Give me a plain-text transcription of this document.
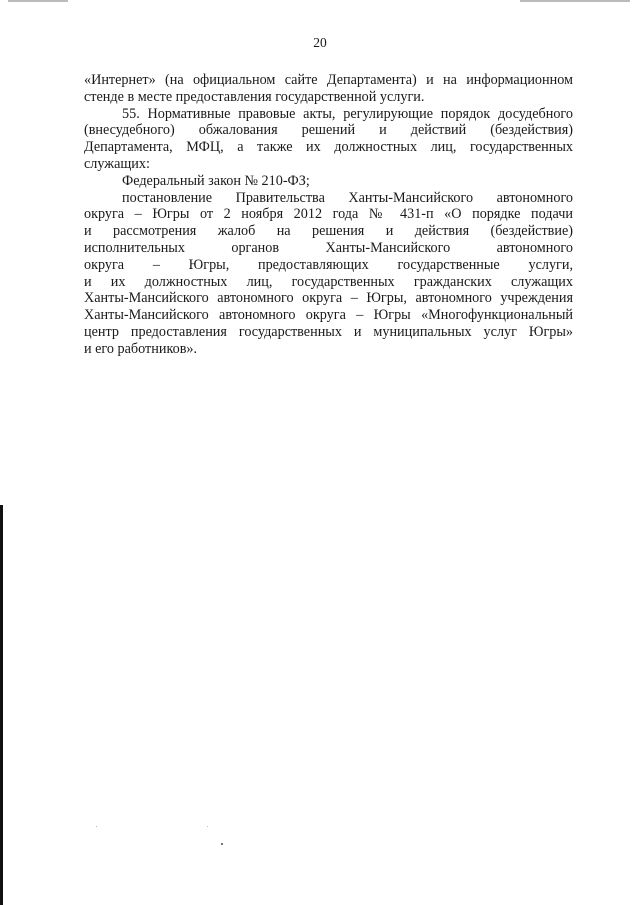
20
«Интернет» (на официальном сайте Департамента) и на информационном
стенде в месте предоставления государственной услуги.
55. Нормативные правовые акты, регулирующие порядок досудебного
(внесудебного) обжалования решений и действий (бездействия)
Департамента, МФЦ, а также их должностных лиц, государственных
служащих:
Федеральный закон № 210-ФЗ;
постановление Правительства Ханты-Мансийского автономного
округа – Югры от 2 ноября 2012 года № 431-п «О порядке подачи
и рассмотрения жалоб на решения и действия (бездействие)
исполнительных органов Ханты-Мансийского автономного
округа – Югры, предоставляющих государственные услуги,
и их должностных лиц, государственных гражданских служащих
Ханты-Мансийского автономного округа – Югры, автономного учреждения
Ханты-Мансийского автономного округа – Югры «Многофункциональный
центр предоставления государственных и муниципальных услуг Югры»
и его работников».
